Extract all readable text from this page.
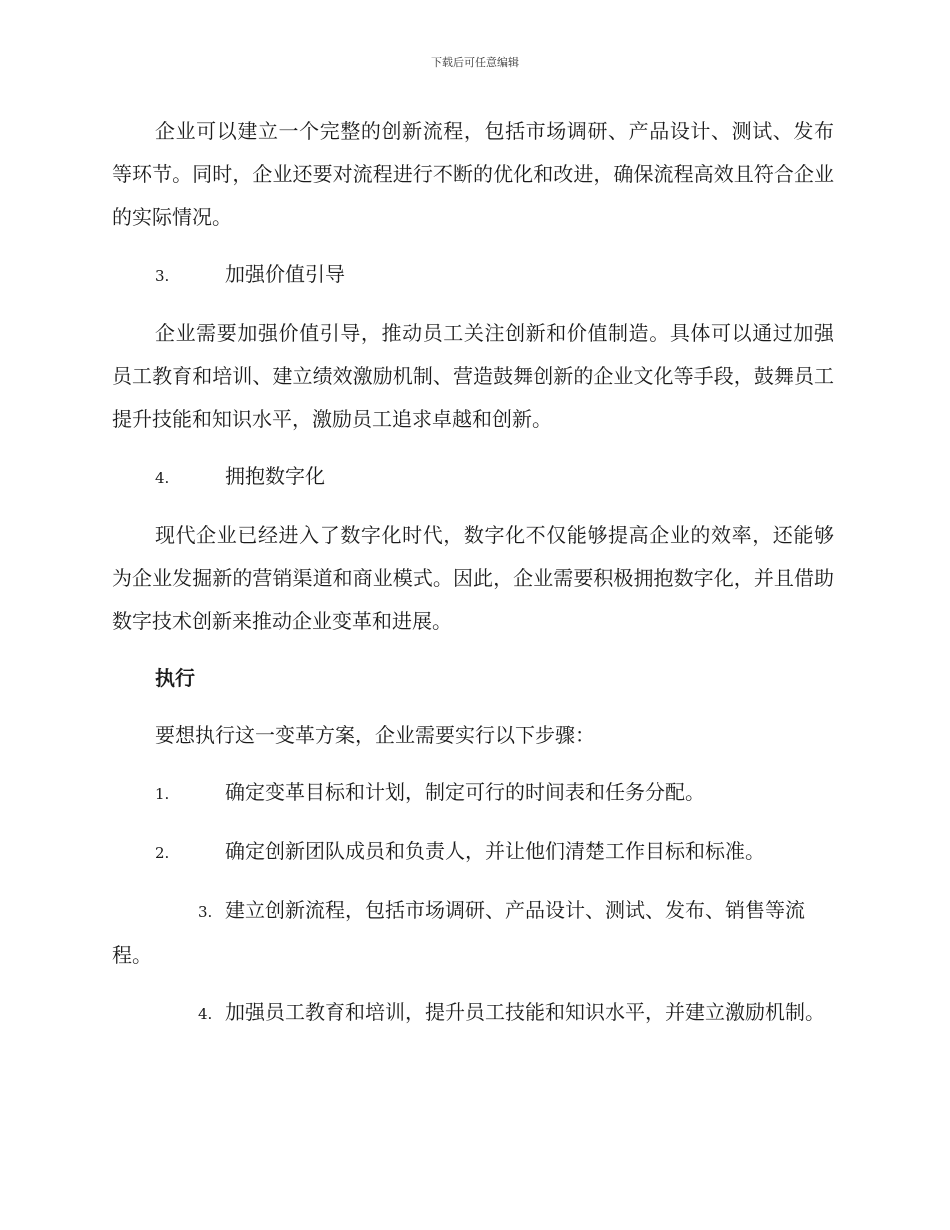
下载后可任意编辑

企业可以建立一个完整的创新流程，包括市场调研、产品设计、测试、发布等环节。同时，企业还要对流程进行不断的优化和改进，确保流程高效且符合企业的实际情况。

3.	加强价值引导

企业需要加强价值引导，推动员工关注创新和价值制造。具体可以通过加强员工教育和培训、建立绩效激励机制、营造鼓舞创新的企业文化等手段，鼓舞员工提升技能和知识水平，激励员工追求卓越和创新。

4.	拥抱数字化

现代企业已经进入了数字化时代，数字化不仅能够提高企业的效率，还能够为企业发掘新的营销渠道和商业模式。因此，企业需要积极拥抱数字化，并且借助数字技术创新来推动企业变革和进展。

执行

要想执行这一变革方案，企业需要实行以下步骤：

1.	确定变革目标和计划，制定可行的时间表和任务分配。

2.	确定创新团队成员和负责人，并让他们清楚工作目标和标准。

3. 建立创新流程，包括市场调研、产品设计、测试、发布、销售等流程。

4. 加强员工教育和培训，提升员工技能和知识水平，并建立激励机制。
